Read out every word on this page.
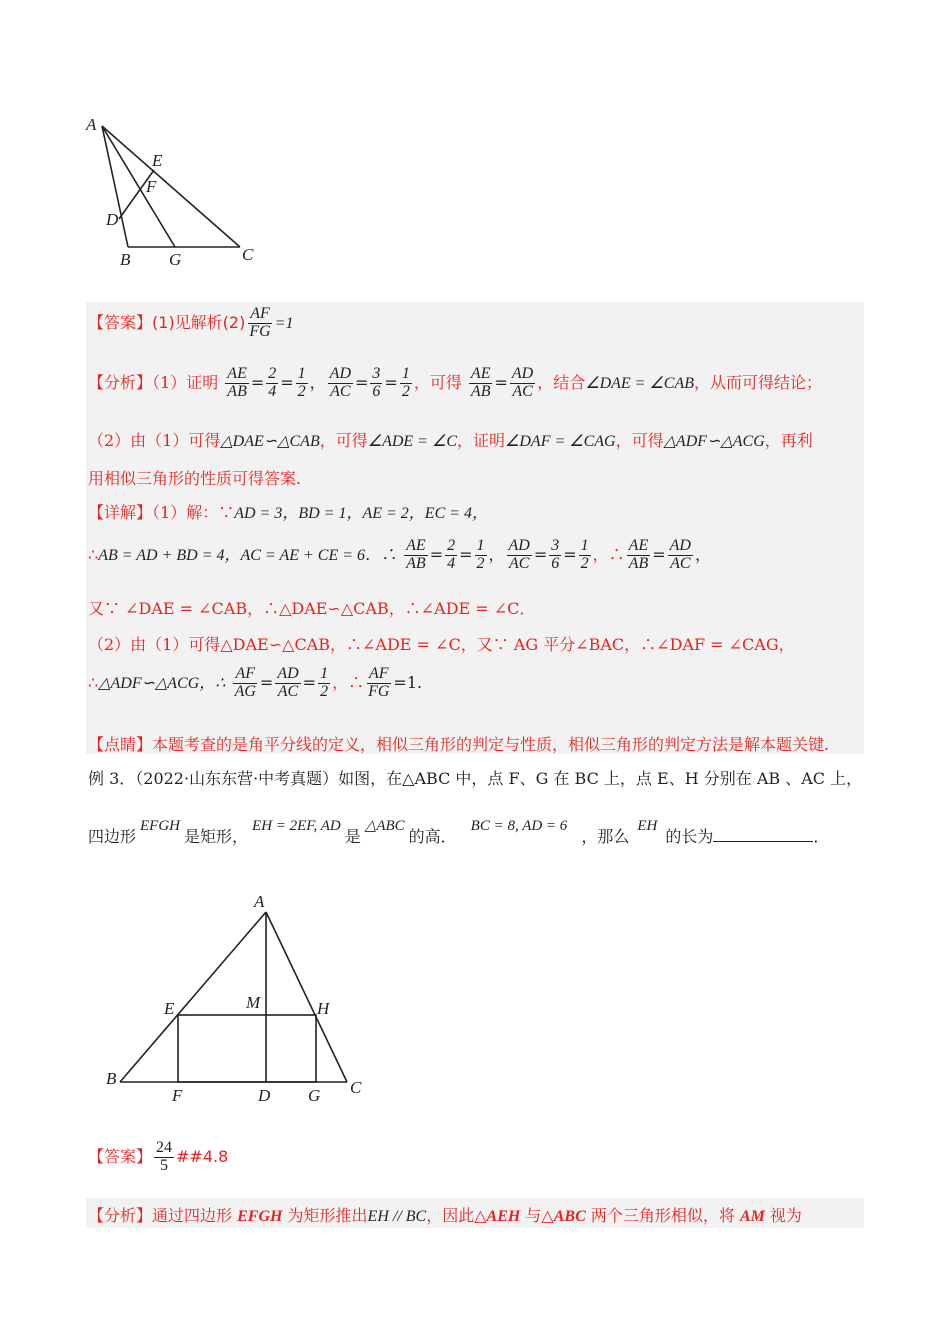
A
E
F
D
B G	C
【答案】(1)见解析$(2) \frac{AF}{FG} =1$
【分析】（1）证明 $\frac{AE}{AB} = \frac{2}{4} = \frac{1}{2}$ ， $\frac{AD}{AC} = \frac{3}{6} = \frac{1}{2}$ ，可得 $\frac{AE}{AB} = \frac{AD}{AC}$ ，结合∠DAE = ∠CAB，从而可得结论；
（2）由（1）可得△DAE∽△CAB，可得∠ADE = ∠C，证明∠DAF = ∠CAG，可得△ADF∽△ACG，再利
用相似三角形的性质可得答案.
【详解】（1）解：∵AD = 3，BD = 1，AE = 2，EC = 4，
∴AB = AD + BD = 4，AC = AE + CE = 6．∴ $\frac{AE}{AB} = \frac{2}{4} = \frac{1}{2}$ ， $\frac{AD}{AC} = \frac{3}{6} = \frac{1}{2}$ ，∴ $\frac{AE}{AB} = \frac{AD}{AC}$ ，
又∵ ∠DAE = ∠CAB，∴△DAE∽△CAB，∴∠ADE = ∠C．
（2）由（1）可得△DAE∽△CAB，∴∠ADE = ∠C，又∵ AG 平分∠BAC，∴∠DAF = ∠CAG，
∴△ADF∽△ACG，∴ $\frac{AF}{AG} = \frac{AD}{AC} = \frac{1}{2}$ ，∴ $\frac{AF}{FG} =1$.
【点睛】本题考查的是角平分线的定义，相似三角形的判定与性质，相似三角形的判定方法是解本题关键.
例 3．（2022·山东东营·中考真题）如图，在△ABC 中，点 F、G 在 BC 上，点 E、H 分别在 AB 、AC 上，
四边形EFGH是矩形，EH = 2EF, AD是△ABC的高．BC = 8, AD = 6，那么EH的长为	．
A
E	M	H
B
F	D G C
【答案】 $\frac{24}{5}$ ##4.8
【分析】通过四边形 EFGH 为矩形推出EH // BC，因此△AEH 与△ABC 两个三角形相似，将 AM 视为
